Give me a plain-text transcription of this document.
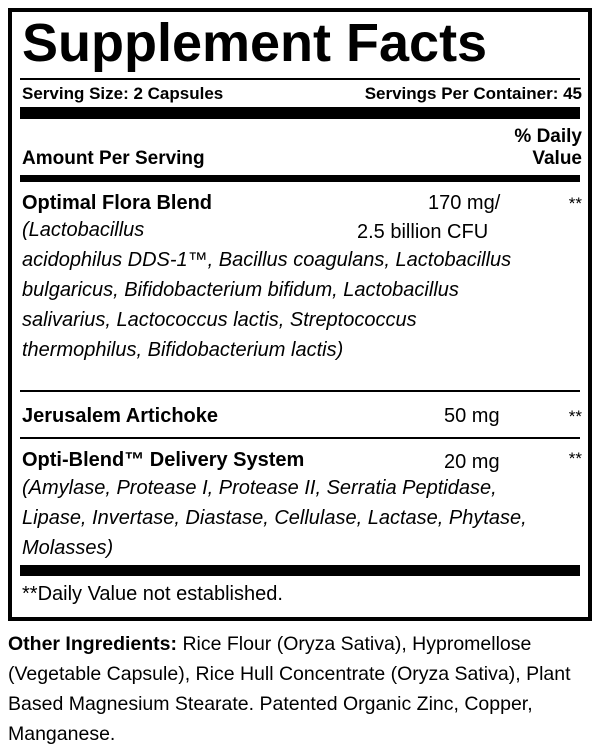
Supplement Facts
Serving Size: 2 Capsules	Servings Per Container: 45
Amount Per Serving
% Daily
Value
Optimal Flora Blend	170 mg/	**
(Lactobacillus	2.5 billion CFU
acidophilus DDS-1™, Bacillus coagulans, Lactobacillus bulgaricus, Bifidobacterium bifidum, Lactobacillus salivarius, Lactococcus lactis, Streptococcus thermophilus, Bifidobacterium lactis)
Jerusalem Artichoke	50 mg	**
Opti-Blend™ Delivery System	20 mg	**
(Amylase, Protease I, Protease II, Serratia Peptidase, Lipase, Invertase, Diastase, Cellulase, Lactase, Phytase, Molasses)
**Daily Value not established.
Other Ingredients: Rice Flour (Oryza Sativa), Hypromellose (Vegetable Capsule), Rice Hull Concentrate (Oryza Sativa), Plant Based Magnesium Stearate. Patented Organic Zinc, Copper, Manganese.
